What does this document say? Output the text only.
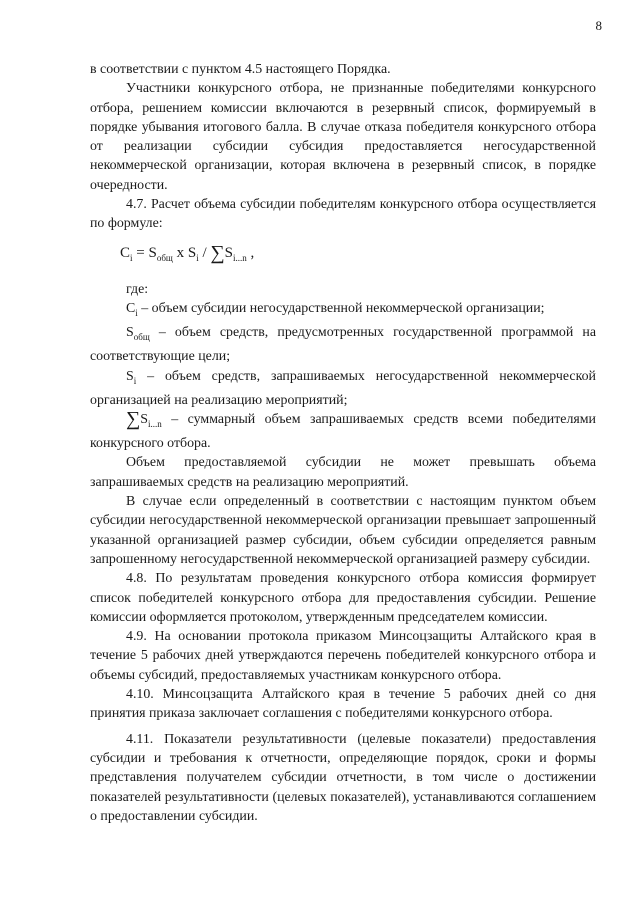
8

в соответствии с пунктом 4.5 настоящего Порядка.

Участники конкурсного отбора, не признанные победителями конкурсного отбора, решением комиссии включаются в резервный список, формируемый в порядке убывания итогового балла. В случае отказа победителя конкурсного отбора от реализации субсидии субсидия предоставляется негосударственной некоммерческой организации, которая включена в резервный список, в порядке очередности.

4.7. Расчет объема субсидии победителям конкурсного отбора осуществляется по формуле:

$C_i = S_{общ}$ x $S_i / \sum S_{i...n}$ ,

где:

$C_i$ – объем субсидии негосударственной некоммерческой организации;

$S_{общ}$ – объем средств, предусмотренных государственной программой на соответствующие цели;

$S_i$ – объем средств, запрашиваемых негосударственной некоммерческой организацией на реализацию мероприятий;

$\sum S_{i...n}$ – суммарный объем запрашиваемых средств всеми победителями конкурсного отбора.

Объем предоставляемой субсидии не может превышать объема запрашиваемых средств на реализацию мероприятий.

В случае если определенный в соответствии с настоящим пунктом объем субсидии негосударственной некоммерческой организации превышает запрошенный указанной организацией размер субсидии, объем субсидии определяется равным запрошенному негосударственной некоммерческой организацией размеру субсидии.

4.8. По результатам проведения конкурсного отбора комиссия формирует список победителей конкурсного отбора для предоставления субсидии. Решение комиссии оформляется протоколом, утвержденным председателем комиссии.

4.9. На основании протокола приказом Минсоцзащиты Алтайского края в течение 5 рабочих дней утверждаются перечень победителей конкурсного отбора и объемы субсидий, предоставляемых участникам конкурсного отбора.

4.10. Минсоцзащита Алтайского края в течение 5 рабочих дней со дня принятия приказа заключает соглашения с победителями конкурсного отбора.

4.11. Показатели результативности (целевые показатели) предоставления субсидии и требования к отчетности, определяющие порядок, сроки и формы представления получателем субсидии отчетности, в том числе о достижении показателей результативности (целевых показателей), устанавливаются соглашением о предоставлении субсидии.
